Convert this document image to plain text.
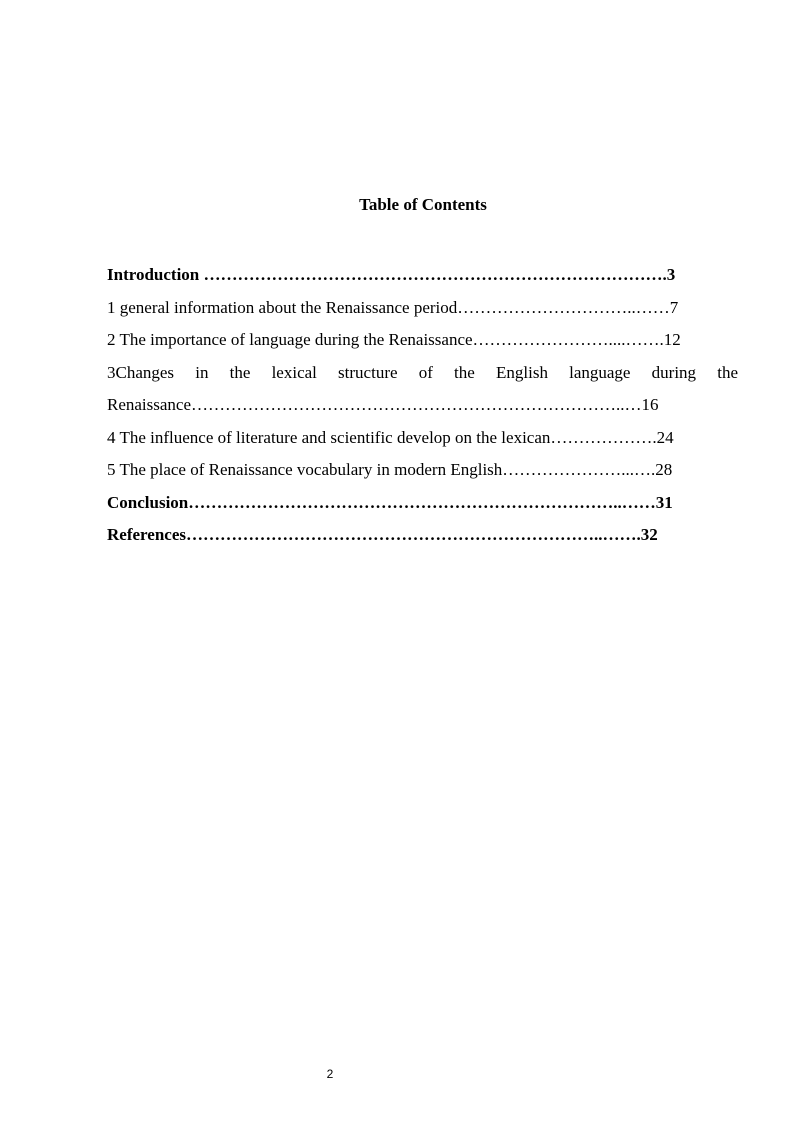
Table of Contents
Introduction ……………………………………………………………………….3
1 general information about the Renaissance period…………………………..……7
2 The importance of language during the Renaissance……………………....…….12
3Changes in the lexical structure of the English language during the
Renaissance…………………………………………………………………..…16
4 The influence of literature and scientific develop on the lexican……………….24
5 The place of Renaissance vocabulary in modern English…………………...….28
Conclusion…………………………………………………………………..……31
References………………………………………………………………..…….32
2
